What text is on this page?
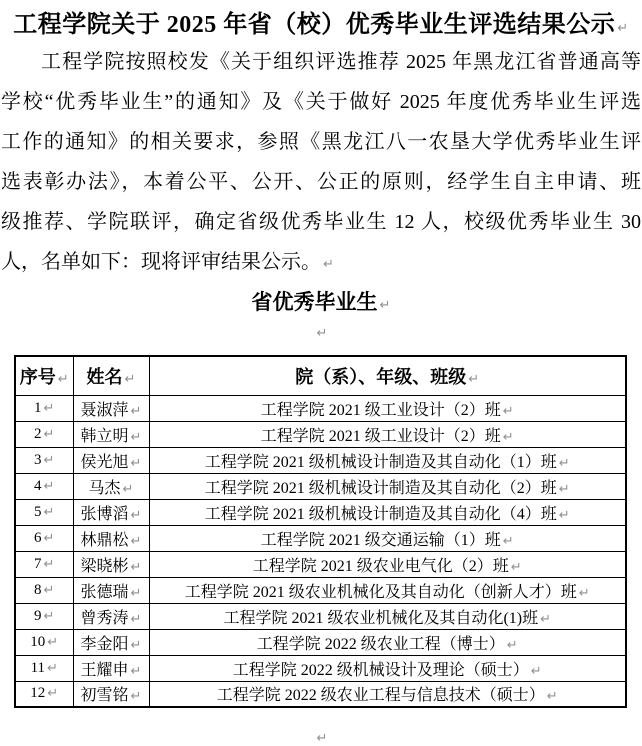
工程学院关于 2025 年省（校）优秀毕业生评选结果公示 ↵
工程学院按照校发《关于组织评选推荐 2025 年黑龙江省普通高等
学校“优秀毕业生”的通知》及《关于做好 2025 年度优秀毕业生评选
工作的通知》的相关要求，参照《黑龙江八一农垦大学优秀毕业生评
选表彰办法》，本着公平、公开、公正的原则，经学生自主申请、班
级推荐、学院联评，确定省级优秀毕业生 12 人，校级优秀毕业生 30
人，名单如下：现将评审结果公示。 ↵
省优秀毕业生 ↵
↵
序号 ↵	姓名 ↵	院（系）、年级、班级 ↵
1 ↵	聂淑萍 ↵	工程学院 2021 级工业设计（2）班 ↵
2 ↵	韩立明 ↵	工程学院 2021 级工业设计（2）班 ↵
3 ↵	侯光旭 ↵	工程学院 2021 级机械设计制造及其自动化（1）班 ↵
4 ↵	马杰 ↵	工程学院 2021 级机械设计制造及其自动化（2）班 ↵
5 ↵	张博滔 ↵	工程学院 2021 级机械设计制造及其自动化（4）班 ↵
6 ↵	林鼎松 ↵	工程学院 2021 级交通运输（1）班 ↵
7 ↵	梁晓彬 ↵	工程学院 2021 级农业电气化（2）班 ↵
8 ↵	张德瑞 ↵	工程学院 2021 级农业机械化及其自动化（创新人才）班 ↵
9 ↵	曾秀涛 ↵	工程学院 2021 级农业机械化及其自动化(1)班 ↵
10 ↵	李金阳 ↵	工程学院 2022 级农业工程（博士） ↵
11 ↵	王耀申 ↵	工程学院 2022 级机械设计及理论（硕士） ↵
12 ↵	初雪铭 ↵	工程学院 2022 级农业工程与信息技术（硕士） ↵
↵
